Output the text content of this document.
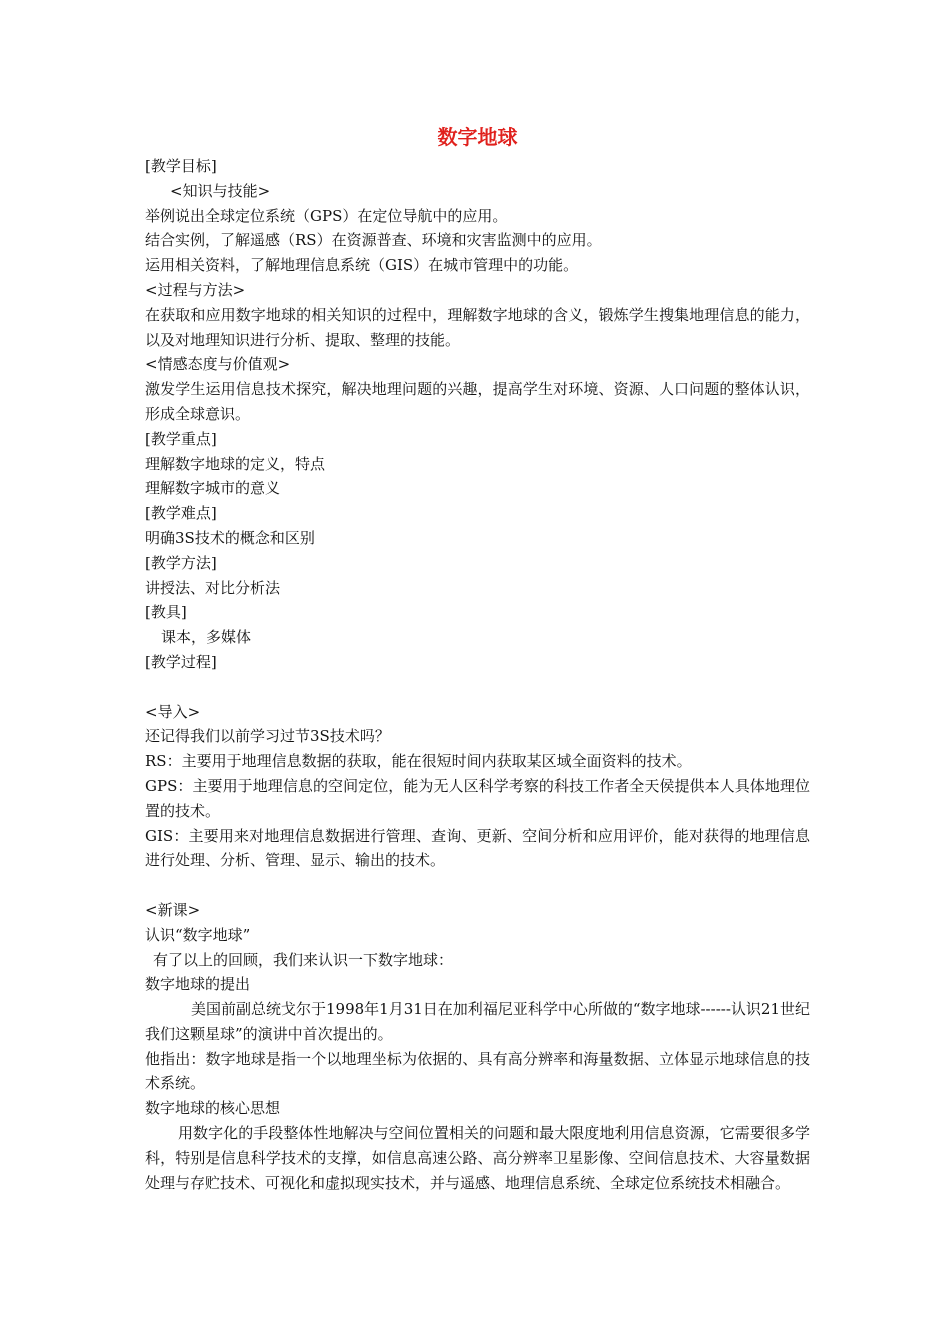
数字地球
[教学目标]
<知识与技能>
举例说出全球定位系统（GPS）在定位导航中的应用。
结合实例，了解遥感（RS）在资源普查、环境和灾害监测中的应用。
运用相关资料，了解地理信息系统（GIS）在城市管理中的功能。
<过程与方法>
在获取和应用数字地球的相关知识的过程中，理解数字地球的含义，锻炼学生搜集地理信息的能力，以及对地理知识进行分析、提取、整理的技能。
<情感态度与价值观>
激发学生运用信息技术探究，解决地理问题的兴趣，提高学生对环境、资源、人口问题的整体认识，形成全球意识。
[教学重点]
理解数字地球的定义，特点
理解数字城市的意义
[教学难点]
明确3S技术的概念和区别
[教学方法]
讲授法、对比分析法
[教具]
课本，多媒体
[教学过程]
<导入>
还记得我们以前学习过节3S技术吗？
RS：主要用于地理信息数据的获取，能在很短时间内获取某区域全面资料的技术。
GPS：主要用于地理信息的空间定位，能为无人区科学考察的科技工作者全天侯提供本人具体地理位置的技术。
GIS：主要用来对地理信息数据进行管理、查询、更新、空间分析和应用评价，能对获得的地理信息进行处理、分析、管理、显示、输出的技术。
<新课>
认识“数字地球”
有了以上的回顾，我们来认识一下数字地球：
数字地球的提出
美国前副总统戈尔于1998年1月31日在加利福尼亚科学中心所做的“数字地球------认识21世纪我们这颗星球”的演讲中首次提出的。
他指出：数字地球是指一个以地理坐标为依据的、具有高分辨率和海量数据、立体显示地球信息的技术系统。
数字地球的核心思想
用数字化的手段整体性地解决与空间位置相关的问题和最大限度地利用信息资源，它需要很多学科，特别是信息科学技术的支撑，如信息高速公路、高分辨率卫星影像、空间信息技术、大容量数据处理与存贮技术、可视化和虚拟现实技术，并与遥感、地理信息系统、全球定位系统技术相融合。
